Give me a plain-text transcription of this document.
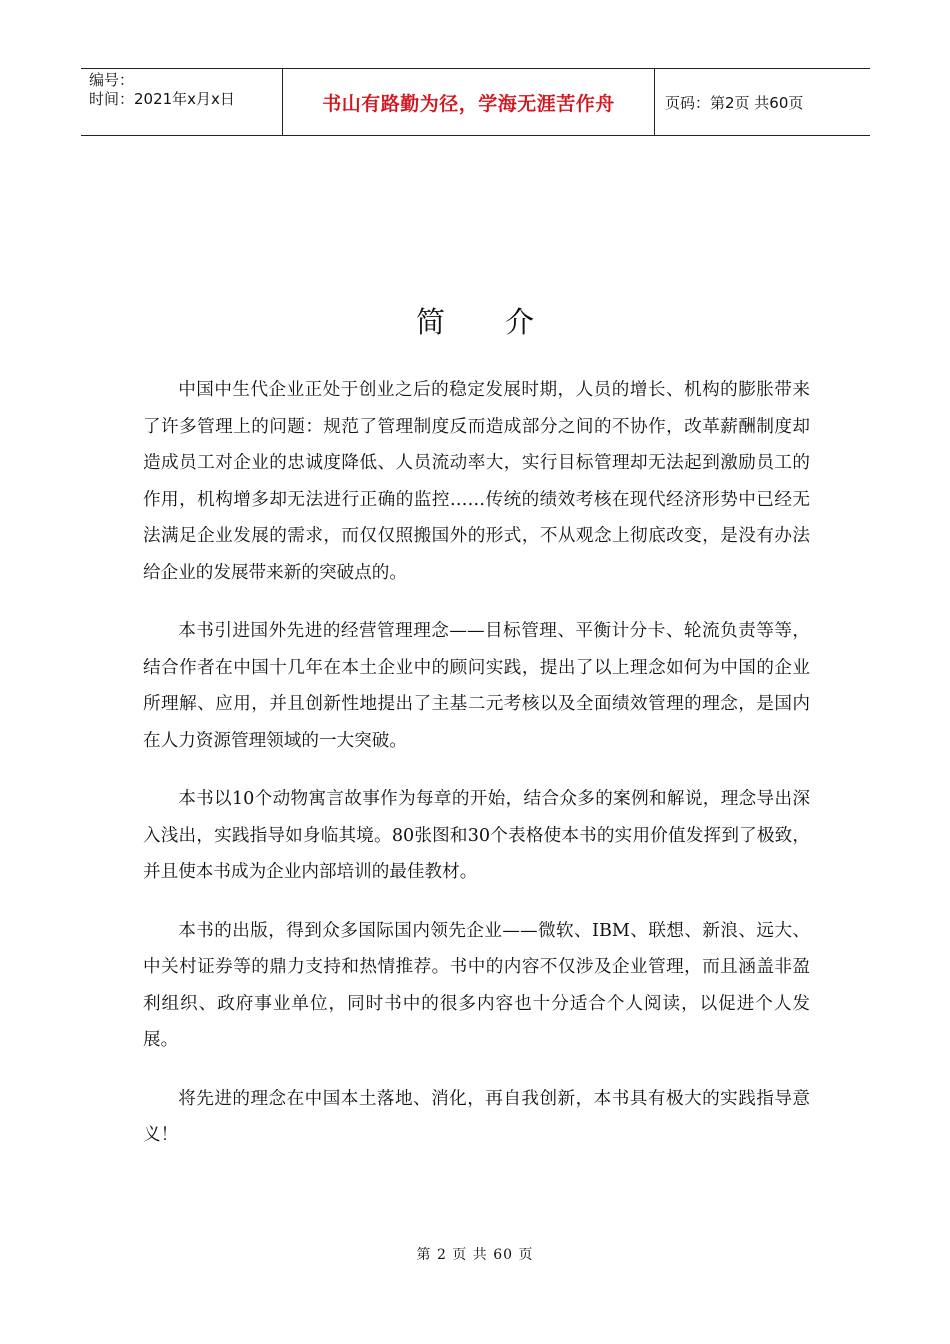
编号：
时间：2021年x月x日	书山有路勤为径，学海无涯苦作舟	页码：第2页 共60页
简介

中国中生代企业正处于创业之后的稳定发展时期，人员的增长、机构的膨胀带来了许多管理上的问题：规范了管理制度反而造成部分之间的不协作，改革薪酬制度却造成员工对企业的忠诚度降低、人员流动率大，实行目标管理却无法起到激励员工的作用，机构增多却无法进行正确的监控……传统的绩效考核在现代经济形势中已经无法满足企业发展的需求，而仅仅照搬国外的形式，不从观念上彻底改变，是没有办法给企业的发展带来新的突破点的。

本书引进国外先进的经营管理理念——目标管理、平衡计分卡、轮流负责等等，结合作者在中国十几年在本土企业中的顾问实践，提出了以上理念如何为中国的企业所理解、应用，并且创新性地提出了主基二元考核以及全面绩效管理的理念，是国内在人力资源管理领域的一大突破。

本书以10个动物寓言故事作为每章的开始，结合众多的案例和解说，理念导出深入浅出，实践指导如身临其境。80张图和30个表格使本书的实用价值发挥到了极致，并且使本书成为企业内部培训的最佳教材。

本书的出版，得到众多国际国内领先企业——微软、IBM、联想、新浪、远大、中关村证券等的鼎力支持和热情推荐。书中的内容不仅涉及企业管理，而且涵盖非盈利组织、政府事业单位，同时书中的很多内容也十分适合个人阅读，以促进个人发展。

将先进的理念在中国本土落地、消化，再自我创新，本书具有极大的实践指导意义！

第 2 页 共 60 页
